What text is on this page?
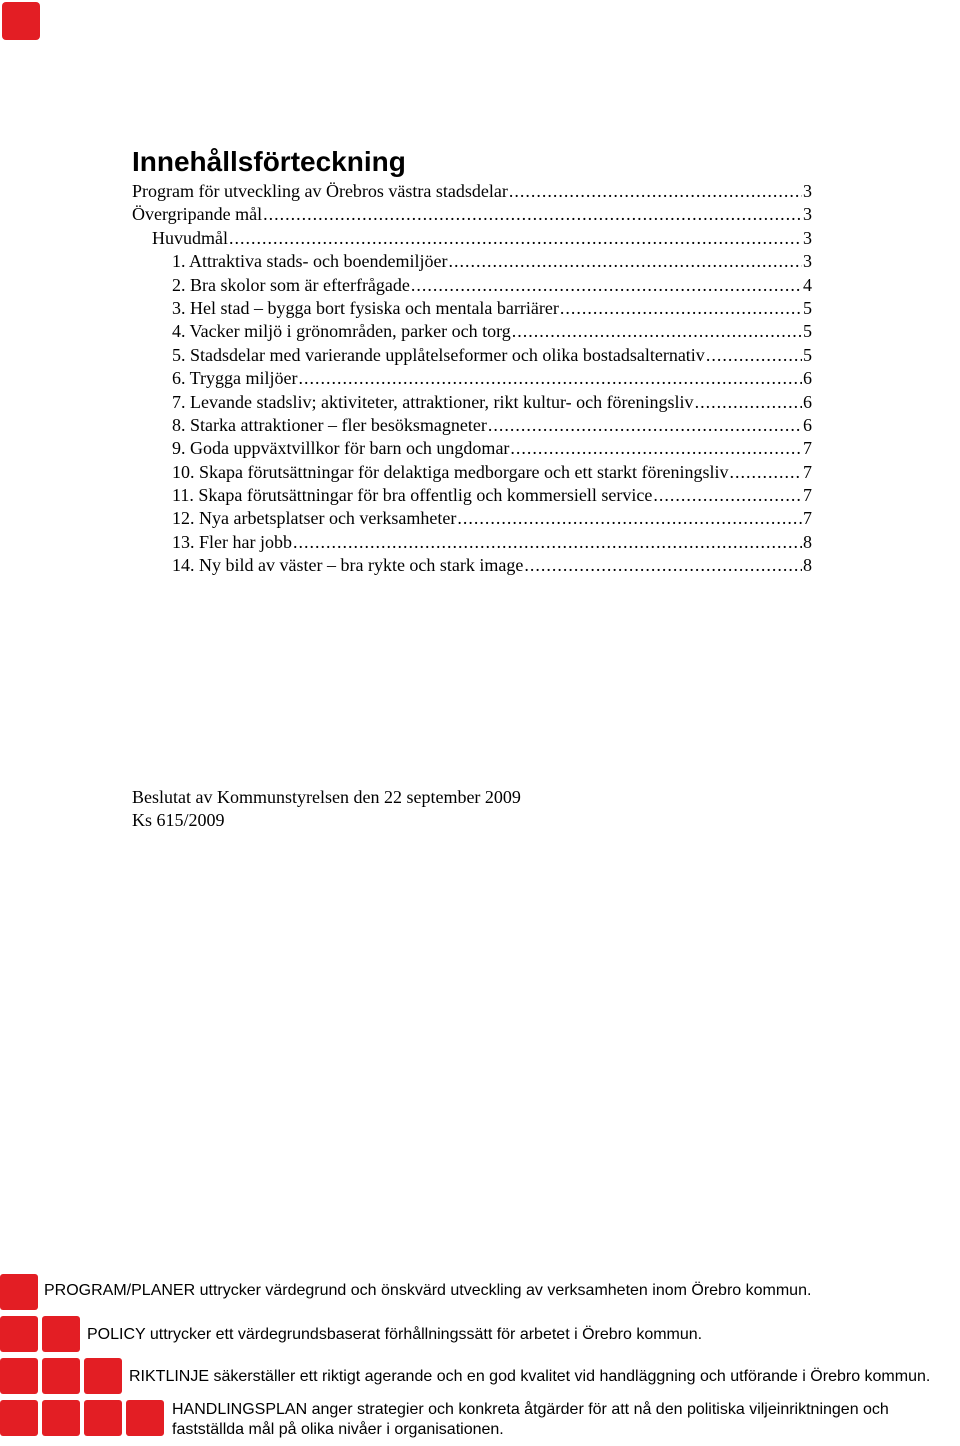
Innehållsförteckning
Program för utveckling av Örebros västra stadsdelar .....	3
Övergripande mål .....	3
Huvudmål .....	3
1. Attraktiva stads- och boendemiljöer .....	3
2. Bra skolor som är efterfrågade .....	4
3. Hel stad – bygga bort fysiska och mentala barriärer .....	5
4. Vacker miljö i grönområden, parker och torg .....	5
5. Stadsdelar med varierande upplåtelseformer och olika bostadsalternativ .....	5
6. Trygga miljöer .....	6
7. Levande stadsliv; aktiviteter, attraktioner, rikt kultur- och föreningsliv .....	6
8. Starka attraktioner – fler besöksmagneter .....	6
9. Goda uppväxtvillkor för barn och ungdomar .....	7
10. Skapa förutsättningar för delaktiga medborgare och ett starkt föreningsliv .....	7
11. Skapa förutsättningar för bra offentlig och kommersiell service .....	7
12. Nya arbetsplatser och verksamheter .....	7
13. Fler har jobb .....	8
14. Ny bild av väster – bra rykte och stark image .....	8
Beslutat av Kommunstyrelsen den 22 september 2009
Ks 615/2009
PROGRAM/PLANER uttrycker värdegrund och önskvärd utveckling av verksamheten inom Örebro kommun.
POLICY uttrycker ett värdegrundsbaserat förhållningssätt för arbetet i Örebro kommun.
RIKTLINJE säkerställer ett riktigt agerande och en god kvalitet vid handläggning och utförande i Örebro kommun.
HANDLINGSPLAN anger strategier och konkreta åtgärder för att nå den politiska viljeinriktningen och
fastställda mål på olika nivåer i organisationen.
